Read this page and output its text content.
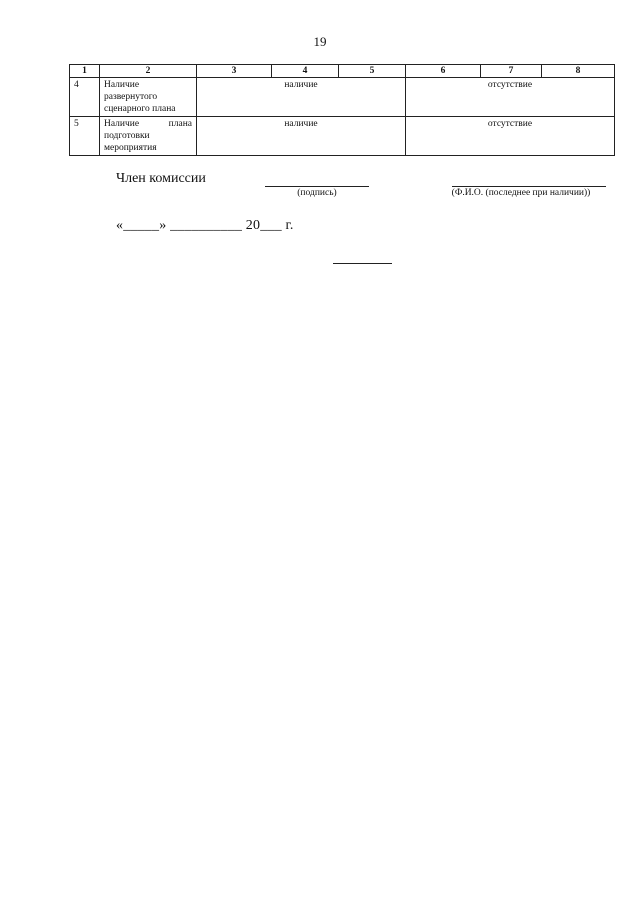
19
1	2	3	4	5	6	7	8
4	Наличие развернутого сценарного плана	наличие			отсутствие		
5	Наличие плана подготовки мероприятия	наличие			отсутствие		
Член комиссии
(подпись)	(Ф.И.О. (последнее при наличии))
«_____» __________ 20___ г.
